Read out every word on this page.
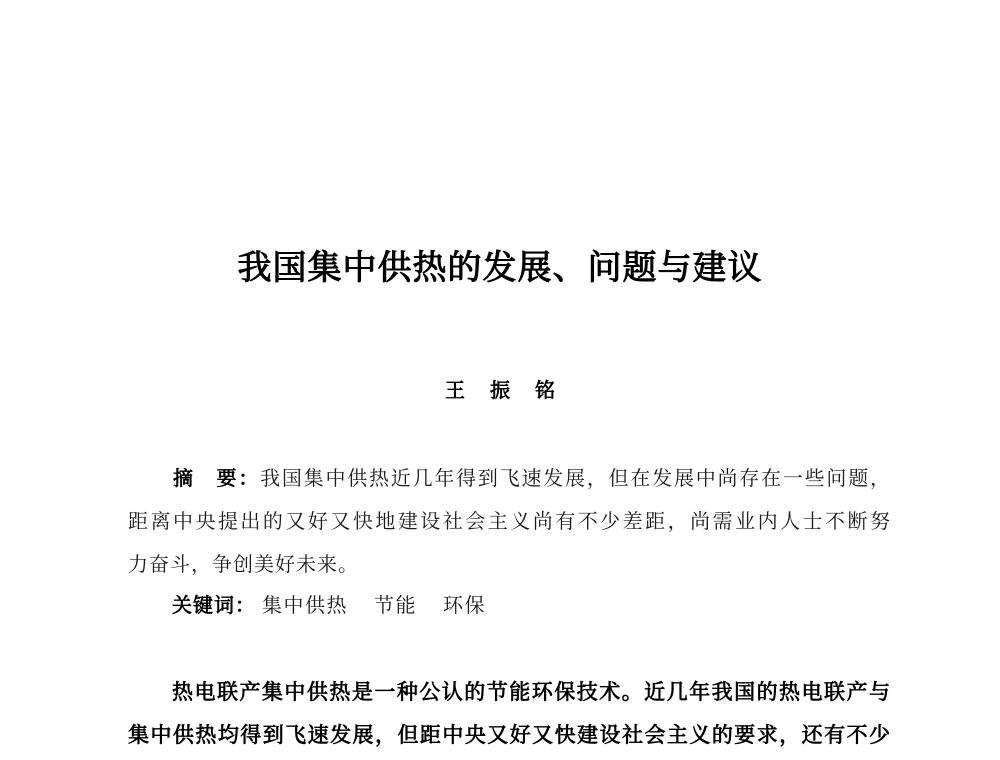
我国集中供热的发展、问题与建议
王 振 铭
摘　要：我国集中供热近几年得到飞速发展，但在发展中尚存在一些问题，
距离中央提出的又好又快地建设社会主义尚有不少差距，尚需业内人士不断努
力奋斗，争创美好未来。
关键词： 集中供热 节能 环保
热电联产集中供热是一种公认的节能环保技术。近几年我国的热电联产与
集中供热均得到飞速发展，但距中央又好又快建设社会主义的要求，还有不少
